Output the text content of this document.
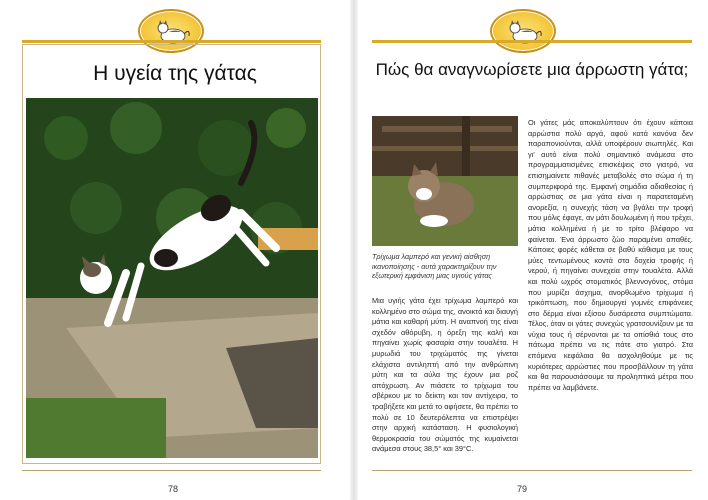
Η υγεία της γάτας
78
Πώς θα αναγνωρίσετε μια άρρωστη γάτα;
Τρίχωμα λαμπερό και γενική αίσθηση ικανοποίησης - αυτά χαρακτηρίζουν την εξωτερική εμφάνιση μιας υγιούς γάτας
Οι γάτες μάς αποκαλύπτουν ότι έχουν κάποια αρρώστια πολύ αργά, αφού κατά κανόνα δεν παραπονιούνται, αλλά υποφέρουν σιωπηλές. Και γι' αυτό είναι πολύ σημαντικό ανάμεσα στο προγραμματισμένες επισκέψεις στο γιατρό, να επισημαίνετε πιθανές μεταβολές στο σώμα ή τη συμπεριφορά της. Εμφανή σημάδια αδιαθεσίας ή αρρώστιας σε μια γάτα είναι η παρατεταμένη ανορεξία, η συνεχής τάση να βγάλει την τροφή που μόλις έφαγε, αν μάτι δουλωμένη ή που τρέχει, μάτια κολλημένα ή με το τρίτο βλέφαρο να φαίνεται. Ένα άρρωστο ζώο παραμένει απαθές. Κάποιες φορές κάθεται σε βαθύ κάθισμα με τους μύες τεντωμένους κοντά στα δοχεία τροφής ή νερού, ή πηγαίνει συνεχεία στην τουαλέτα. Αλλά και πολύ ωχρός στοματικός βλεννογόνος, στόμα που μυρίζει άσχημα, ανορθωμένο τρίχωμα ή τρικόπτωση, που δημιουργεί γυμνές επιφάνειες στο δέρμα είναι εξίσου δυσάρεστα συμπτώματα. Τέλος, όταν οι γάτες συνεχώς γρατσουνίζουν με τα νύχια τους ή σέρνονται με τα οπίσθιά τους στο πάτωμα πρέπει να τις πάτε στο γιατρό. Στα επόμενα κεφάλαια θα ασχοληθούμε με τις κυριότερες αρρώστιες που προσβάλλουν τη γάτα και θα παρουσιάσουμε τα προληπτικά μέτρα που πρέπει να λαμβάνετε.
Μια υγιής γάτα έχει τρίχωμα λαμπερό και κολλημένο στο σώμα της, ανοικτά και διαυγή μάτια και καθαρή μύτη. Η αναπνοή της είναι σχεδόν αθόρυβη, η όρεξη της καλή και πηγαίνει χωρίς φασαρία στην τουαλέτα. Η μυρωδιά του τριχώματός της γίνεται ελάχιστα αντιληπτή από την ανθρώπινη μύτη και τα αύλα της έχουν μια ροζ απόχρωση. Αν πιάσετε το τρίχωμα του σβέρκου με το δείκτη και τον αντίχειρα, το τραβήξετε και μετά το αφήσετε, θα πρέπει το πολύ σε 10 δευτερόλεπτα να επιστρέψει στην αρχική κατάσταση. Η φυσιολογική θερμοκρασία του σώματός της κυμαίνεται ανάμεσα στους 38,5° και 39°C.
79
